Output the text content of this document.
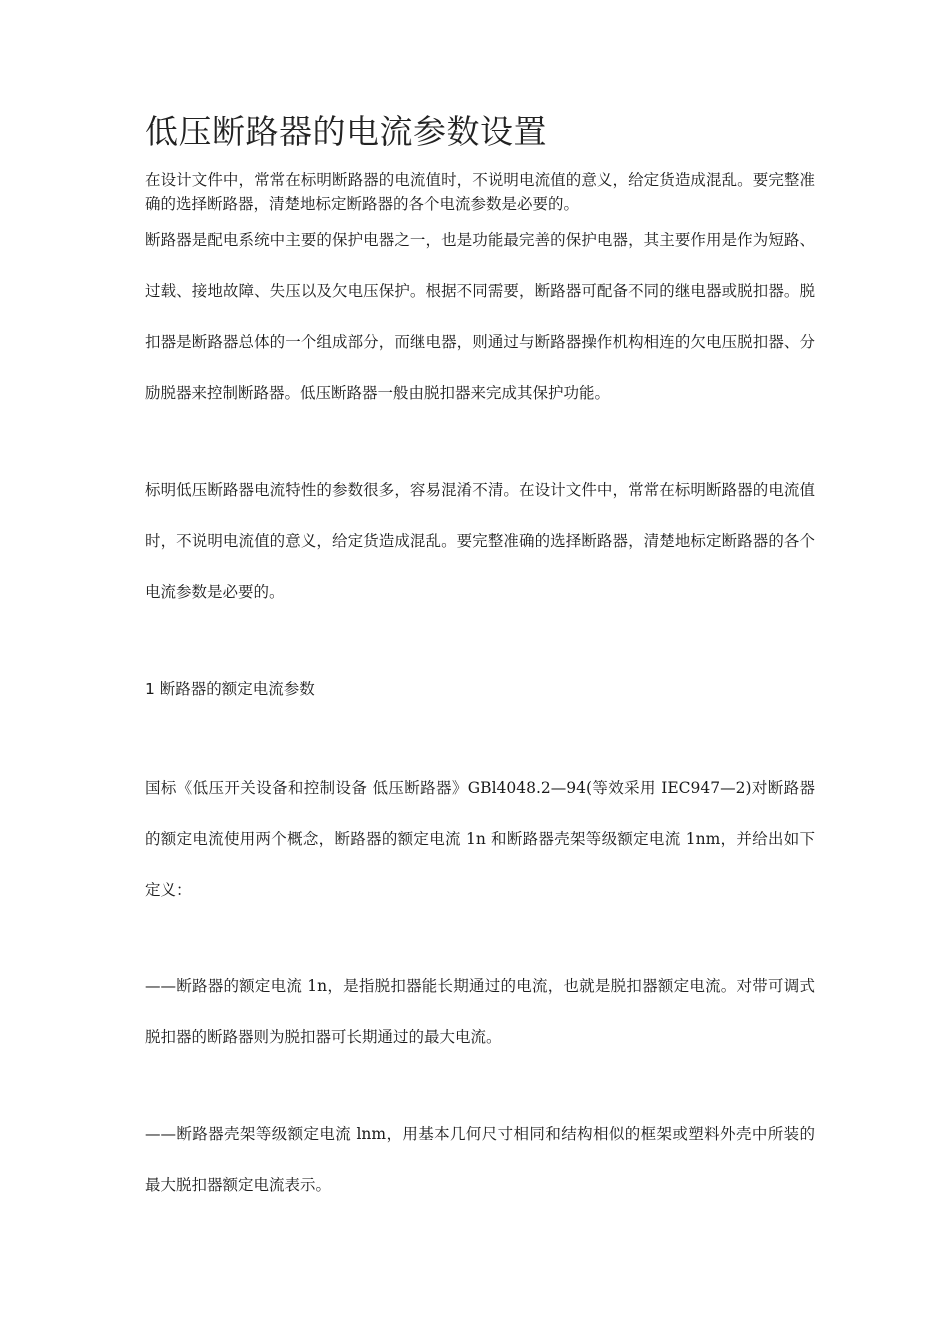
低压断路器的电流参数设置

在设计文件中，常常在标明断路器的电流值时，不说明电流值的意义，给定货造成混乱。要完整准确的选择断路器，清楚地标定断路器的各个电流参数是必要的。

断路器是配电系统中主要的保护电器之一，也是功能最完善的保护电器，其主要作用是作为短路、过载、接地故障、失压以及欠电压保护。根据不同需要，断路器可配备不同的继电器或脱扣器。脱扣器是断路器总体的一个组成部分，而继电器，则通过与断路器操作机构相连的欠电压脱扣器、分励脱器来控制断路器。低压断路器一般由脱扣器来完成其保护功能。

标明低压断路器电流特性的参数很多，容易混淆不清。在设计文件中，常常在标明断路器的电流值时，不说明电流值的意义，给定货造成混乱。要完整准确的选择断路器，清楚地标定断路器的各个电流参数是必要的。

1 断路器的额定电流参数

国标《低压开关设备和控制设备 低压断路器》GBl4048.2—94(等效采用 IEC947—2)对断路器的额定电流使用两个概念，断路器的额定电流 1n 和断路器壳架等级额定电流 1nm，并给出如下定义：

——断路器的额定电流 1n，是指脱扣器能长期通过的电流，也就是脱扣器额定电流。对带可调式脱扣器的断路器则为脱扣器可长期通过的最大电流。

——断路器壳架等级额定电流 lnm，用基本几何尺寸相同和结构相似的框架或塑料外壳中所装的最大脱扣器额定电流表示。
